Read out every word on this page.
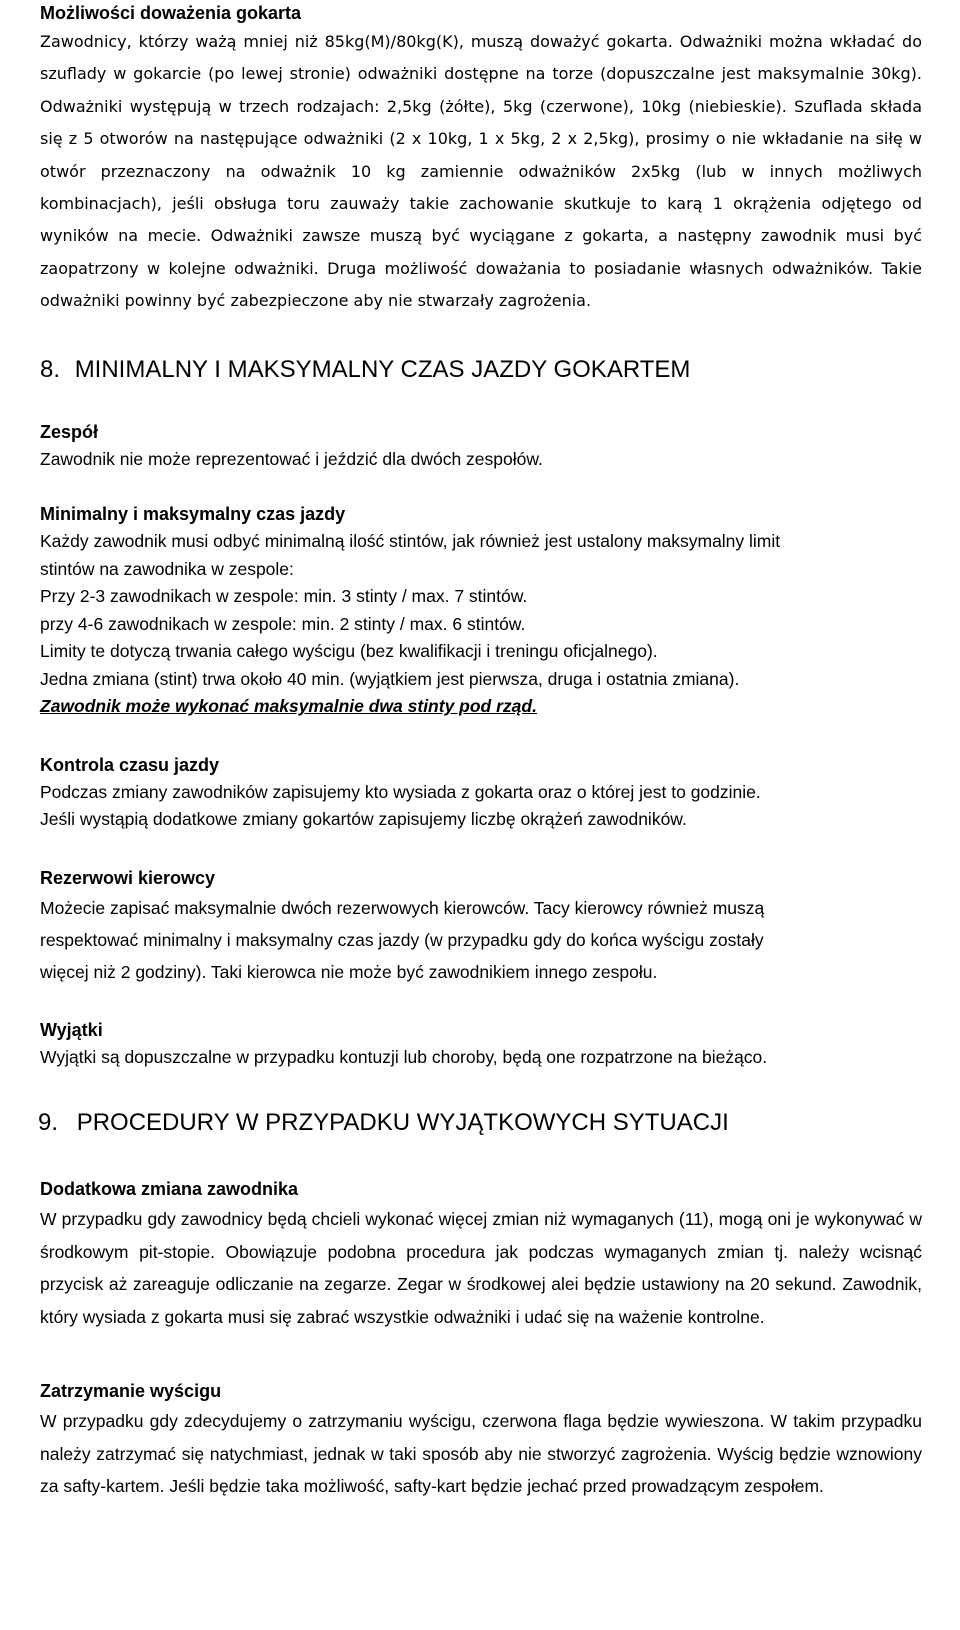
Możliwości doważenia gokarta

Zawodnicy, którzy ważą mniej niż 85kg(M)/80kg(K), muszą doważyć gokarta. Odważniki można wkładać do szuflady w gokarcie (po lewej stronie) odważniki dostępne na torze (dopuszczalne jest maksymalnie 30kg). Odważniki występują w trzech rodzajach: 2,5kg (żółte), 5kg (czerwone), 10kg (niebieskie). Szuflada składa się z 5 otworów na następujące odważniki (2 x 10kg, 1 x 5kg, 2 x 2,5kg), prosimy o nie wkładanie na siłę w otwór przeznaczony na odważnik 10 kg zamiennie odważników 2x5kg (lub w innych możliwych kombinacjach), jeśli obsługa toru zauważy takie zachowanie skutkuje to karą 1 okrążenia odjętego od wyników na mecie. Odważniki zawsze muszą być wyciągane z gokarta, a następny zawodnik musi być zaopatrzony w kolejne odważniki. Druga możliwość doważania to posiadanie własnych odważników. Takie odważniki powinny być zabezpieczone aby nie stwarzały zagrożenia.

8. MINIMALNY I MAKSYMALNY CZAS JAZDY GOKARTEM
Zespół

Zawodnik nie może reprezentować i jeździć dla dwóch zespołów.

Minimalny i maksymalny czas jazdy
Każdy zawodnik musi odbyć minimalną ilość stintów, jak również jest ustalony maksymalny limit
stintów na zawodnika w zespole:
Przy 2-3 zawodnikach w zespole: min. 3 stinty / max. 7 stintów.
przy 4-6 zawodnikach w zespole: min. 2 stinty / max. 6 stintów.
Limity te dotyczą trwania całego wyścigu (bez kwalifikacji i treningu oficjalnego).
Jedna zmiana (stint) trwa około 40 min. (wyjątkiem jest pierwsza, druga i ostatnia zmiana).
Zawodnik może wykonać maksymalnie dwa stinty pod rząd.
Kontrola czasu jazdy
Podczas zmiany zawodników zapisujemy kto wysiada z gokarta oraz o której jest to godzinie.
Jeśli wystąpią dodatkowe zmiany gokartów zapisujemy liczbę okrążeń zawodników.
Rezerwowi kierowcy
Możecie zapisać maksymalnie dwóch rezerwowych kierowców. Tacy kierowcy również muszą
respektować minimalny i maksymalny czas jazdy (w przypadku gdy do końca wyścigu zostały
więcej niż 2 godziny). Taki kierowca nie może być zawodnikiem innego zespołu.
Wyjątki

Wyjątki są dopuszczalne w przypadku kontuzji lub choroby, będą one rozpatrzone na bieżąco.

9. PROCEDURY W PRZYPADKU WYJĄTKOWYCH SYTUACJI
Dodatkowa zmiana zawodnika

W przypadku gdy zawodnicy będą chcieli wykonać więcej zmian niż wymaganych (11), mogą oni je wykonywać w środkowym pit-stopie. Obowiązuje podobna procedura jak podczas wymaganych zmian tj. należy wcisnąć przycisk aż zareaguje odliczanie na zegarze. Zegar w środkowej alei będzie ustawiony na 20 sekund. Zawodnik, który wysiada z gokarta musi się zabrać wszystkie odważniki i udać się na ważenie kontrolne.

Zatrzymanie wyścigu

W przypadku gdy zdecydujemy o zatrzymaniu wyścigu, czerwona flaga będzie wywieszona. W takim przypadku należy zatrzymać się natychmiast, jednak w taki sposób aby nie stworzyć zagrożenia. Wyścig będzie wznowiony za safty-kartem. Jeśli będzie taka możliwość, safty-kart będzie jechać przed prowadzącym zespołem.
